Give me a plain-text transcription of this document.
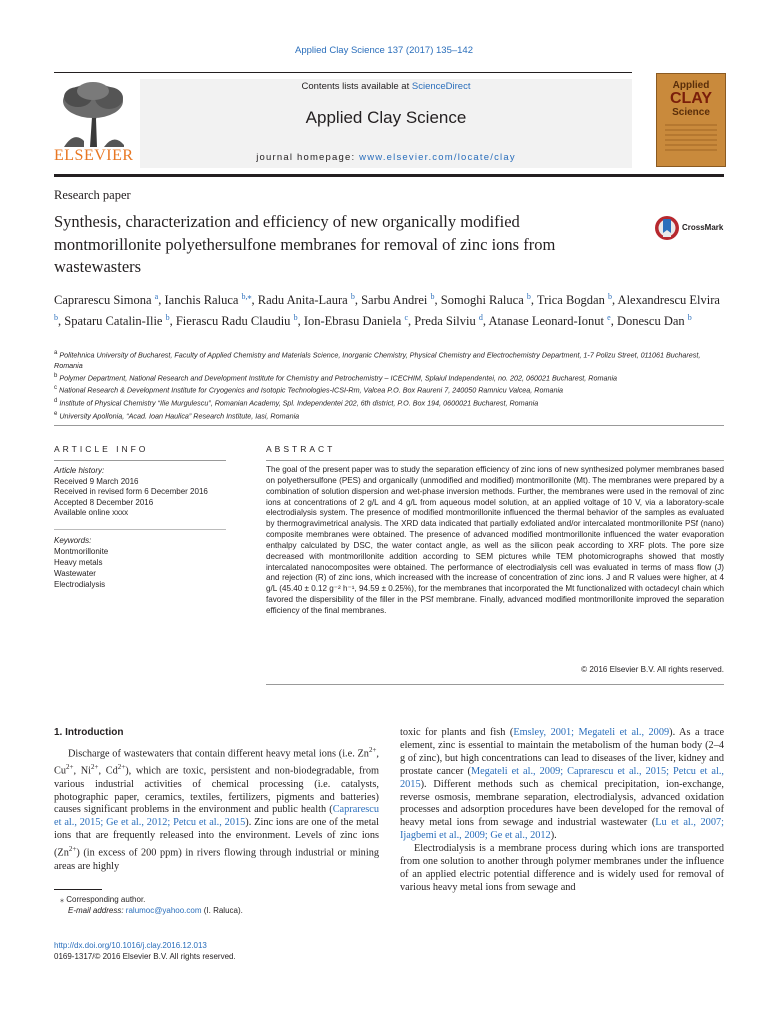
Applied Clay Science 137 (2017) 135–142
ELSEVIER
Contents lists available at ScienceDirect
Applied Clay Science
journal homepage: www.elsevier.com/locate/clay
Applied
CLAY
Science
Research paper
Synthesis, characterization and efficiency of new organically modified montmorillonite polyethersulfone membranes for removal of zinc ions from wastewasters
CrossMark
Caprarescu Simona $^a$, Ianchis Raluca $^{b,⁎}$, Radu Anita-Laura $^b$, Sarbu Andrei $^b$, Somoghi Raluca $^b$, Trica Bogdan $^b$, Alexandrescu Elvira $^b$, Spataru Catalin-Ilie $^b$, Fierascu Radu Claudiu $^b$, Ion-Ebrasu Daniela $^c$, Preda Silviu $^d$, Atanase Leonard-Ionut $^e$, Donescu Dan $^b$
$^a$ Politehnica University of Bucharest, Faculty of Applied Chemistry and Materials Science, Inorganic Chemistry, Physical Chemistry and Electrochemistry Department, 1-7 Polizu Street, 011061 Bucharest, Romania
$^b$ Polymer Department, National Research and Development Institute for Chemistry and Petrochemistry – ICECHIM, Splaiul Independentei, no. 202, 060021 Bucharest, Romania
$^c$ National Research & Development Institute for Cryogenics and Isotopic Technologies-ICSI-Rm, Valcea P.O. Box Raureni 7, 240050 Ramnicu Valcea, Romania
$^d$ Institute of Physical Chemistry “Ilie Murgulescu”, Romanian Academy, Spl. Independentei 202, 6th district, P.O. Box 194, 0600021 Bucharest, Romania
$^e$ University Apollonia, “Acad. Ioan Haulica” Research Institute, Iasi, Romania
ARTICLE INFO	ABSTRACT
Article history:
Received 9 March 2016
Received in revised form 6 December 2016
Accepted 8 December 2016
Available online xxxx
Keywords:
Montmorillonite
Heavy metals
Wastewater
Electrodialysis
The goal of the present paper was to study the separation efficiency of zinc ions of new synthesized polymer membranes based on polyethersulfone (PES) and organically (unmodified and modified) montmorillonite (Mt). The membranes were prepared by a combination of solution dispersion and wet-phase inversion methods. Further, the membranes were used in the removal of zinc ions at concentrations of 2 g/L and 4 g/L from aqueous model solution, at an applied voltage of 10 V, via a laboratory-scale electrodialysis system. The presence of modified montmorillonite influenced the thermal behavior of the samples as evaluated by thermogravimetrical analysis. The XRD data indicated that partially exfoliated and/or intercalated montmorillonite PSf (nano) composite membranes were obtained. The presence of advanced modified montmorillonite influenced the water evaporation enthalpy calculated by DSC, the water contact angle, as well as the silicon peak according to XRF plots. The pore size decreased with montmorillonite addition according to SEM pictures while TEM photomicrographs showed that mostly intercalated nanocomposites were obtained. The performance of electrodialysis cell was evaluated in terms of mass flow (J) and rejection (R) of zinc ions, which increased with the increase of concentration of zinc ions. J and R values were higher, at 4 g/L (45.40 ± 0.12 g⁻² h⁻¹, 94.59 ± 0.25%), for the membranes that incorporated the Mt functionalized with octadecyl chain which favored the dispersibility of the filler in the PSf membrane. Finally, advanced modified montmorillonite improved the separation efficiency of the final membranes.
© 2016 Elsevier B.V. All rights reserved.
1. Introduction

Discharge of wastewaters that contain different heavy metal ions (i.e. $Zn^{2+}$, $Cu^{2+}$, $Ni^{2+}$, $Cd^{2+}$), which are toxic, persistent and non-biodegradable, from various industrial activities of chemical processing (i.e. catalysts, photographic paper, ceramics, textiles, fertilizers, pigments and batteries) causes significant problems in the environment and public health (Caprarescu et al., 2015; Ge et al., 2012; Petcu et al., 2015). Zinc ions are one of the metal ions that are frequently released into the environment. Levels of zinc ions $(Zn^{2+})$ (in excess of 200 ppm) in rivers flowing through industrial or mining areas are highly

toxic for plants and fish (Emsley, 2001; Megateli et al., 2009). As a trace element, zinc is essential to maintain the metabolism of the human body (2–4 g of zinc), but high concentrations can lead to diseases of the liver, kidney and prostate cancer (Megateli et al., 2009; Caprarescu et al., 2015; Petcu et al., 2015). Different methods such as chemical precipitation, ion-exchange, reverse osmosis, membrane separation, electrodialysis, advanced oxidation processes and adsorption procedures have been developed for the removal of heavy metal ions from sewage and industrial wastewater (Lu et al., 2007; Ijagbemi et al., 2009; Ge et al., 2012).

Electrodialysis is a membrane process during which ions are transported from one solution to another through polymer membranes under the influence of an applied electric potential difference and is widely used for removal of various heavy metal ions from sewage and

⁎ Corresponding author.
E-mail address: ralumoc@yahoo.com (I. Raluca).
http://dx.doi.org/10.1016/j.clay.2016.12.013
0169-1317/© 2016 Elsevier B.V. All rights reserved.
